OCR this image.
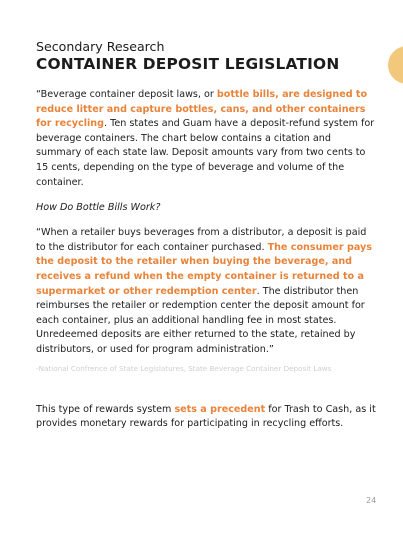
Secondary Research

CONTAINER DEPOSIT LEGISLATION

“Beverage container deposit laws, or bottle bills, are designed to reduce litter and capture bottles, cans, and other containers for recycling. Ten states and Guam have a deposit-refund system for beverage containers. The chart below contains a citation and summary of each state law. Deposit amounts vary from two cents to 15 cents, depending on the type of beverage and volume of the container.

How Do Bottle Bills Work?

“When a retailer buys beverages from a distributor, a deposit is paid to the distributor for each container purchased. The consumer pays the deposit to the retailer when buying the beverage, and receives a refund when the empty container is returned to a supermarket or other redemption center. The distributor then reimburses the retailer or redemption center the deposit amount for each container, plus an additional handling fee in most states. Unredeemed deposits are either returned to the state, retained by distributors, or used for program administration.”

-National Confrence of State Legislatures, State Beverage Container Deposit Laws

This type of rewards system sets a precedent for Trash to Cash, as it provides monetary rewards for participating in recycling efforts.

24
